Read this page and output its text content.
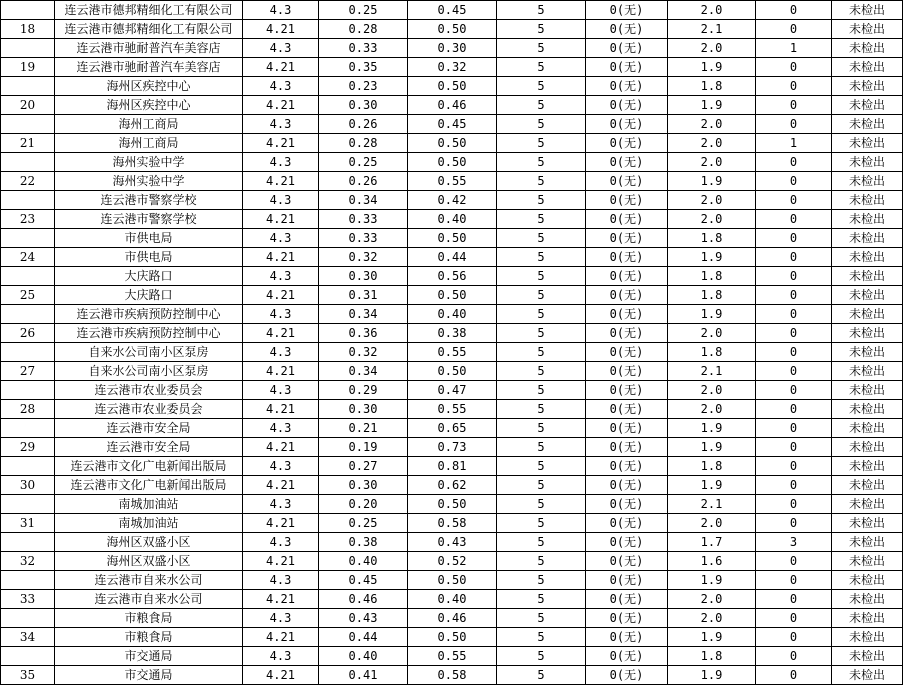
	连云港市德邦精细化工有限公司	4.3	0.25	0.45	5	0(无)	2.0	0	未检出
18	连云港市德邦精细化工有限公司	4.21	0.28	0.50	5	0(无)	2.1	0	未检出
	连云港市驰耐普汽车美容店	4.3	0.33	0.30	5	0(无)	2.0	1	未检出
19	连云港市驰耐普汽车美容店	4.21	0.35	0.32	5	0(无)	1.9	0	未检出
	海州区疾控中心	4.3	0.23	0.50	5	0(无)	1.8	0	未检出
20	海州区疾控中心	4.21	0.30	0.46	5	0(无)	1.9	0	未检出
	海州工商局	4.3	0.26	0.45	5	0(无)	2.0	0	未检出
21	海州工商局	4.21	0.28	0.50	5	0(无)	2.0	1	未检出
	海州实验中学	4.3	0.25	0.50	5	0(无)	2.0	0	未检出
22	海州实验中学	4.21	0.26	0.55	5	0(无)	1.9	0	未检出
	连云港市警察学校	4.3	0.34	0.42	5	0(无)	2.0	0	未检出
23	连云港市警察学校	4.21	0.33	0.40	5	0(无)	2.0	0	未检出
	市供电局	4.3	0.33	0.50	5	0(无)	1.8	0	未检出
24	市供电局	4.21	0.32	0.44	5	0(无)	1.9	0	未检出
	大庆路口	4.3	0.30	0.56	5	0(无)	1.8	0	未检出
25	大庆路口	4.21	0.31	0.50	5	0(无)	1.8	0	未检出
	连云港市疾病预防控制中心	4.3	0.34	0.40	5	0(无)	1.9	0	未检出
26	连云港市疾病预防控制中心	4.21	0.36	0.38	5	0(无)	2.0	0	未检出
	自来水公司南小区泵房	4.3	0.32	0.55	5	0(无)	1.8	0	未检出
27	自来水公司南小区泵房	4.21	0.34	0.50	5	0(无)	2.1	0	未检出
	连云港市农业委员会	4.3	0.29	0.47	5	0(无)	2.0	0	未检出
28	连云港市农业委员会	4.21	0.30	0.55	5	0(无)	2.0	0	未检出
	连云港市安全局	4.3	0.21	0.65	5	0(无)	1.9	0	未检出
29	连云港市安全局	4.21	0.19	0.73	5	0(无)	1.9	0	未检出
	连云港市文化广电新闻出版局	4.3	0.27	0.81	5	0(无)	1.8	0	未检出
30	连云港市文化广电新闻出版局	4.21	0.30	0.62	5	0(无)	1.9	0	未检出
	南城加油站	4.3	0.20	0.50	5	0(无)	2.1	0	未检出
31	南城加油站	4.21	0.25	0.58	5	0(无)	2.0	0	未检出
	海州区双盛小区	4.3	0.38	0.43	5	0(无)	1.7	3	未检出
32	海州区双盛小区	4.21	0.40	0.52	5	0(无)	1.6	0	未检出
	连云港市自来水公司	4.3	0.45	0.50	5	0(无)	1.9	0	未检出
33	连云港市自来水公司	4.21	0.46	0.40	5	0(无)	2.0	0	未检出
	市粮食局	4.3	0.43	0.46	5	0(无)	2.0	0	未检出
34	市粮食局	4.21	0.44	0.50	5	0(无)	1.9	0	未检出
	市交通局	4.3	0.40	0.55	5	0(无)	1.8	0	未检出
35	市交通局	4.21	0.41	0.58	5	0(无)	1.9	0	未检出
